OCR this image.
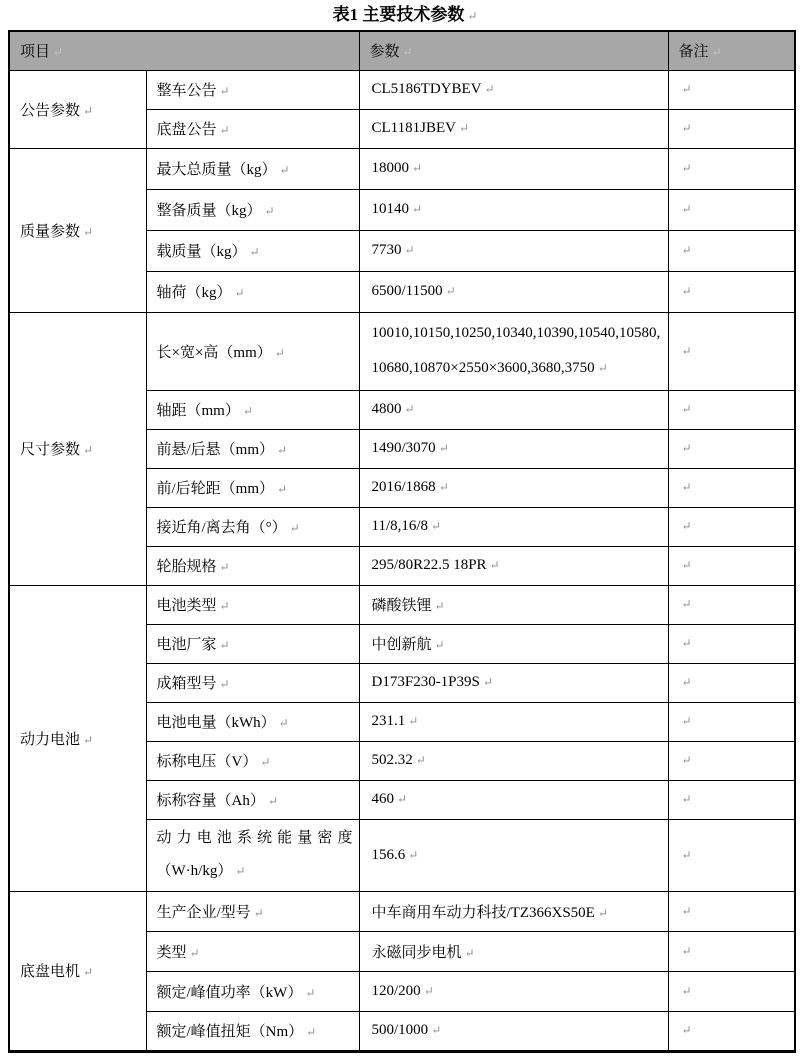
表1 主要技术参数 ↵
项目 ↵		参数 ↵	备注 ↵
公告参数 ↵	整车公告 ↵	CL5186TDYBEV ↵	↵
	底盘公告 ↵	CL1181JBEV ↵	↵
质量参数 ↵	最大总质量（kg） ↵	18000 ↵	↵
	整备质量（kg） ↵	10140 ↵	↵
	载质量（kg） ↵	7730 ↵	↵
	轴荷（kg） ↵	6500/11500 ↵	↵
尺寸参数 ↵	长×宽×高（mm） ↵	10010,10150,10250,10340,10390,10540,10580,10680,10870×2550×3600,3680,3750 ↵	↵
	轴距（mm） ↵	4800 ↵	↵
	前悬/后悬（mm） ↵	1490/3070 ↵	↵
	前/后轮距（mm） ↵	2016/1868 ↵	↵
	接近角/离去角（°） ↵	11/8,16/8 ↵	↵
	轮胎规格 ↵	295/80R22.5 18PR ↵	↵
动力电池 ↵	电池类型 ↵	磷酸铁锂 ↵	↵
	电池厂家 ↵	中创新航 ↵	↵
	成箱型号 ↵	D173F230-1P39S ↵	↵
	电池电量（kWh） ↵	231.1 ↵	↵
	标称电压（V） ↵	502.32 ↵	↵
	标称容量（Ah） ↵	460 ↵	↵
	动力电池系统能量密度（W·h/kg） ↵	156.6 ↵	↵
底盘电机 ↵	生产企业/型号 ↵	中车商用车动力科技/TZ366XS50E ↵	↵
	类型 ↵	永磁同步电机 ↵	↵
	额定/峰值功率（kW） ↵	120/200 ↵	↵
	额定/峰值扭矩（Nm） ↵	500/1000 ↵	↵
